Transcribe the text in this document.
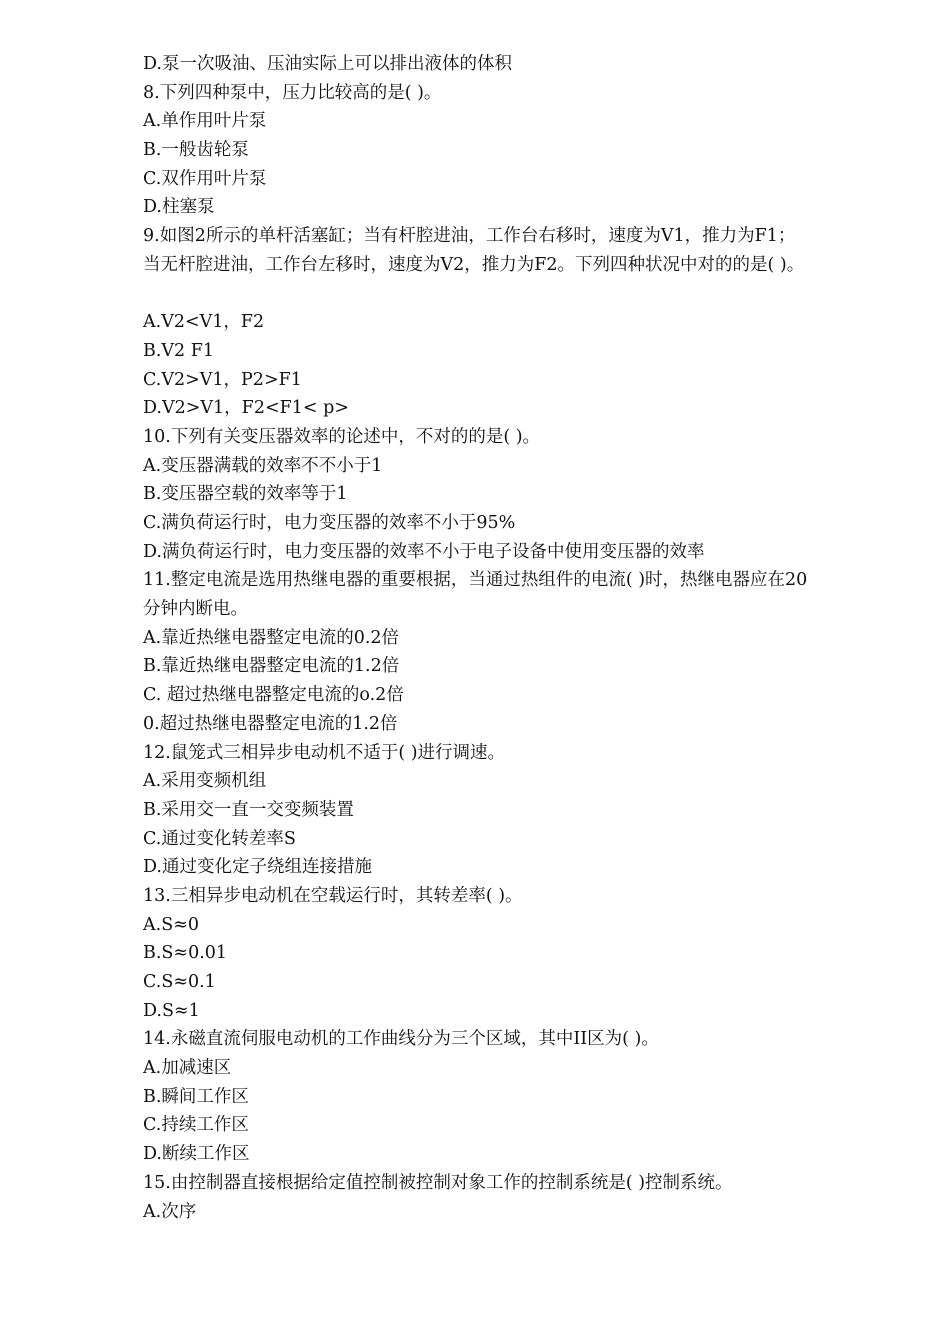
D.泵一次吸油、压油实际上可以排出液体的体积
8.下列四种泵中，压力比较高的是( )。
A.单作用叶片泵
B.一般齿轮泵
C.双作用叶片泵
D.柱塞泵
9.如图2所示的单杆活塞缸；当有杆腔进油，工作台右移时，速度为V1，推力为F1；
当无杆腔进油，工作台左移时，速度为V2，推力为F2。下列四种状况中对的的是( )。
A.V2<V1，F2
B.V2 F1
C.V2>V1，P2>F1
D.V2>V1，F2<F1< p>
10.下列有关变压器效率的论述中，不对的的是( )。
A.变压器满载的效率不不小于1
B.变压器空载的效率等于1
C.满负荷运行时，电力变压器的效率不小于95%
D.满负荷运行时，电力变压器的效率不小于电子设备中使用变压器的效率
11.整定电流是选用热继电器的重要根据，当通过热组件的电流( )时，热继电器应在20
分钟内断电。
A.靠近热继电器整定电流的0.2倍
B.靠近热继电器整定电流的1.2倍
C. 超过热继电器整定电流的o.2倍
0.超过热继电器整定电流的1.2倍
12.鼠笼式三相异步电动机不适于( )进行调速。
A.采用变频机组
B.采用交一直一交变频装置
C.通过变化转差率S
D.通过变化定子绕组连接措施
13.三相异步电动机在空载运行时，其转差率( )。
A.S≈0
B.S≈0.01
C.S≈0.1
D.S≈1
14.永磁直流伺服电动机的工作曲线分为三个区域，其中II区为( )。
A.加减速区
B.瞬间工作区
C.持续工作区
D.断续工作区
15.由控制器直接根据给定值控制被控制对象工作的控制系统是( )控制系统。
A.次序
